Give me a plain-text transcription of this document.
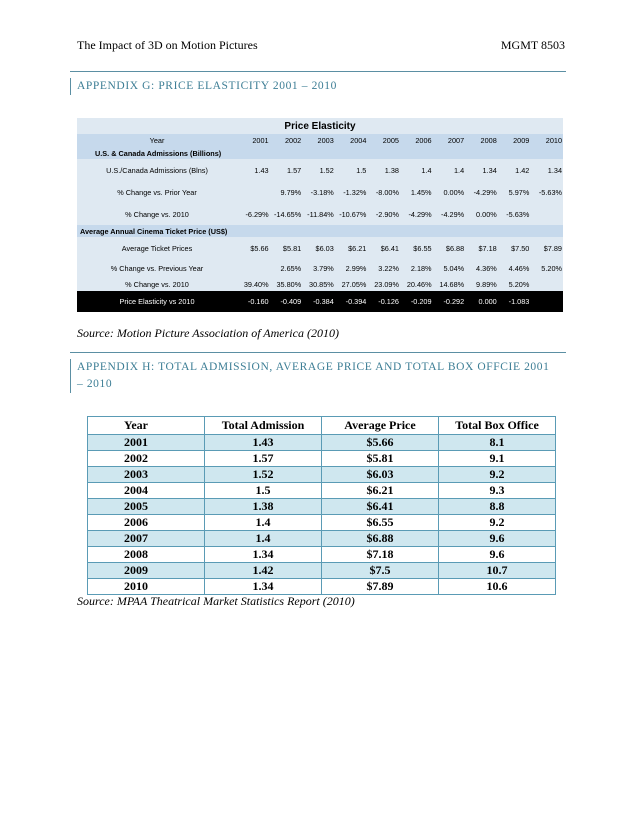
The Impact of 3D on Motion Pictures	MGMT 8503
APPENDIX G: PRICE ELASTICITY 2001 – 2010
Price Elasticity										
Year	2001	2002	2003	2004	2005	2006	2007	2008	2009	2010
U.S. & Canada Admissions (Billions)										
U.S./Canada Admissions (Blns)	1.43	1.57	1.52	1.5	1.38	1.4	1.4	1.34	1.42	1.34
% Change vs. Prior Year		9.79%	-3.18%	-1.32%	-8.00%	1.45%	0.00%	-4.29%	5.97%	-5.63%
% Change vs. 2010	-6.29%	-14.65%	-11.84%	-10.67%	-2.90%	-4.29%	-4.29%	0.00%	-5.63%	
Average Annual Cinema Ticket Price (US$)										
Average Ticket Prices	$5.66	$5.81	$6.03	$6.21	$6.41	$6.55	$6.88	$7.18	$7.50	$7.89
% Change vs. Previous Year		2.65%	3.79%	2.99%	3.22%	2.18%	5.04%	4.36%	4.46%	5.20%
% Change vs. 2010	39.40%	35.80%	30.85%	27.05%	23.09%	20.46%	14.68%	9.89%	5.20%	
Price Elasticity vs 2010	-0.160	-0.409	-0.384	-0.394	-0.126	-0.209	-0.292	0.000	-1.083	
Source: Motion Picture Association of America (2010)
APPENDIX H: TOTAL ADMISSION, AVERAGE PRICE AND TOTAL BOX OFFCIE 2001 – 2010
Year	Total Admission	Average Price	Total Box Office
2001	1.43	$5.66	8.1
2002	1.57	$5.81	9.1
2003	1.52	$6.03	9.2
2004	1.5	$6.21	9.3
2005	1.38	$6.41	8.8
2006	1.4	$6.55	9.2
2007	1.4	$6.88	9.6
2008	1.34	$7.18	9.6
2009	1.42	$7.5	10.7
2010	1.34	$7.89	10.6
Source: MPAA Theatrical Market Statistics Report (2010)
